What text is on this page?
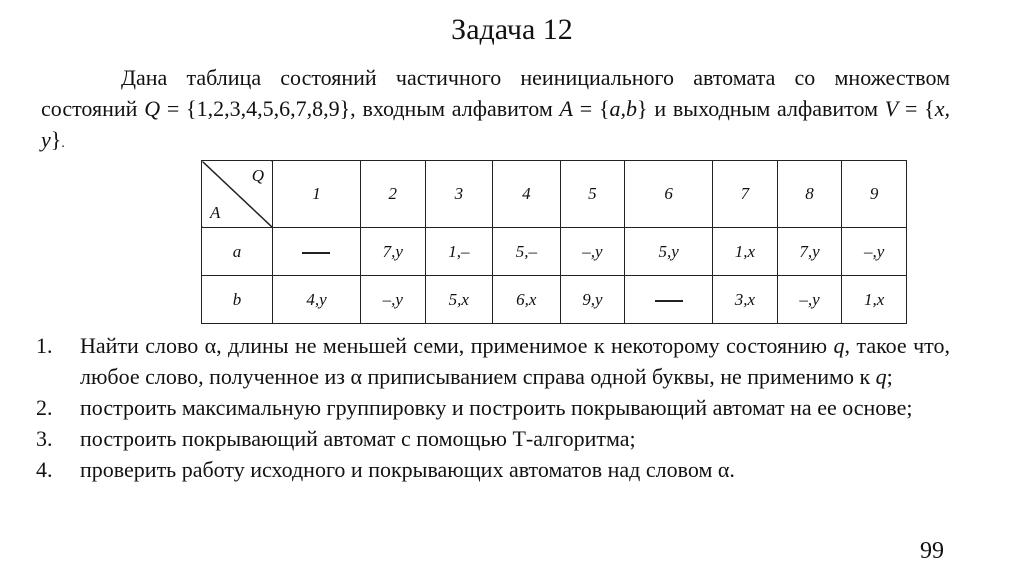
Задача 12
Дана таблица состояний частичного неинициального автомата со множеством состояний Q = {1,2,3,4,5,6,7,8,9}, входным алфавитом A = {a,b} и выходным алфавитом V = {x, y}.
Q
A	1	2	3	4	5	6	7	8	9
a		7,y	1,–	5,–	–,y	5,y	1,x	7,y	–,y
b	4,y	–,y	5,x	6,x	9,y		3,x	–,y	1,x
1. Найти слово α, длины не меньшей семи, применимое к некоторому состоянию q, такое что, любое слово, полученное из α приписыванием справа одной буквы, не применимо к q;
2. построить максимальную группировку и построить покрывающий автомат на ее основе;
3. построить покрывающий автомат с помощью Т-алгоритма;
4. проверить работу исходного и покрывающих автоматов над словом α.
99
